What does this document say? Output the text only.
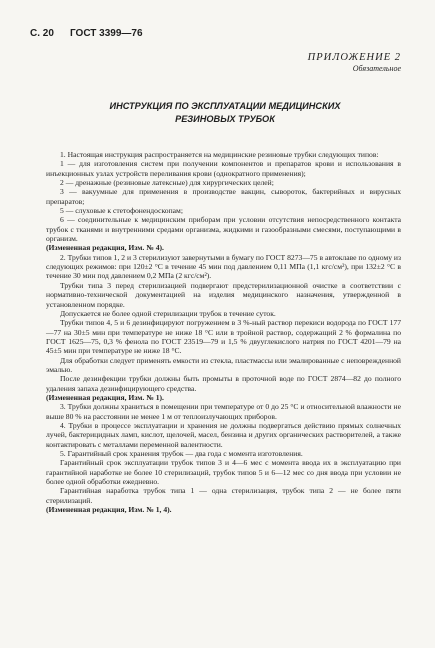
С. 20 ГОСТ 3399—76
ПРИЛОЖЕНИЕ 2
Обязательное
ИНСТРУКЦИЯ ПО ЭКСПЛУАТАЦИИ МЕДИЦИНСКИХ
РЕЗИНОВЫХ ТРУБОК

1. Настоящая инструкция распространяется на медицинские резиновые трубки следующих типов:

1 — для изготовления систем при получении компонентов и препаратов крови и использования в инъекционных узлах устройств переливания крови (однократного применения);

2 — дренажные (резиновые латексные) для хирургических целей;

3 — вакуумные для применения в производстве вакцин, сывороток, бактерийных и вирусных препаратов;

5 — слуховые к стетофонендоскопам;

6 — соединительные к медицинским приборам при условии отсутствия непосредственного контакта трубок с тканями и внутренними средами организма, жидкими и газообразными смесями, поступающими в организм.

(Измененная редакция, Изм. № 4).

2. Трубки типов 1, 2 и 3 стерилизуют завернутыми в бумагу по ГОСТ 8273—75 в автоклаве по одному из следующих режимов: при 120±2 °С в течение 45 мин под давлением 0,11 МПа (1,1 кгс/см²), при 132±2 °С в течение 30 мин под давлением 0,2 МПа (2 кгс/см²).

Трубки типа 3 перед стерилизацией подвергают предстерилизационной очистке в соответствии с нормативно-технической документацией на изделия медицинского назначения, утвержденной в установленном порядке.

Допускается не более одной стерилизации трубок в течение суток.

Трубки типов 4, 5 и 6 дезинфицируют погружением в 3 %-ный раствор перекиси водорода по ГОСТ 177—77 на 30±5 мин при температуре не ниже 18 °С или в тройной раствор, содержащий 2 % формалина по ГОСТ 1625—75, 0,3 % фенола по ГОСТ 23519—79 и 1,5 % двууглекислого натрия по ГОСТ 4201—79 на 45±5 мин при температуре не ниже 18 °С.

Для обработки следует применять емкости из стекла, пластмассы или эмалированные с неповрежденной эмалью.

После дезинфекции трубки должны быть промыты в проточной воде по ГОСТ 2874—82 до полного удаления запаха дезинфицирующего средства.

(Измененная редакция, Изм. № 1).

3. Трубки должны храниться в помещении при температуре от 0 до 25 °С и относительной влажности не выше 80 % на расстоянии не менее 1 м от теплоизлучающих приборов.

4. Трубки в процессе эксплуатации и хранения не должны подвергаться действию прямых солнечных лучей, бактерицидных ламп, кислот, щелочей, масел, бензина и других органических растворителей, а также контактировать с металлами переменной валентности.

5. Гарантийный срок хранения трубок — два года с момента изготовления.

Гарантийный срок эксплуатации трубок типов 3 и 4—6 мес с момента ввода их в эксплуатацию при гарантийной наработке не более 10 стерилизаций, трубок типов 5 и 6—12 мес со дня ввода при условии не более одной обработки ежедневно.

Гарантийная наработка трубок типа 1 — одна стерилизация, трубок типа 2 — не более пяти стерилизаций.

(Измененная редакция, Изм. № 1, 4).
